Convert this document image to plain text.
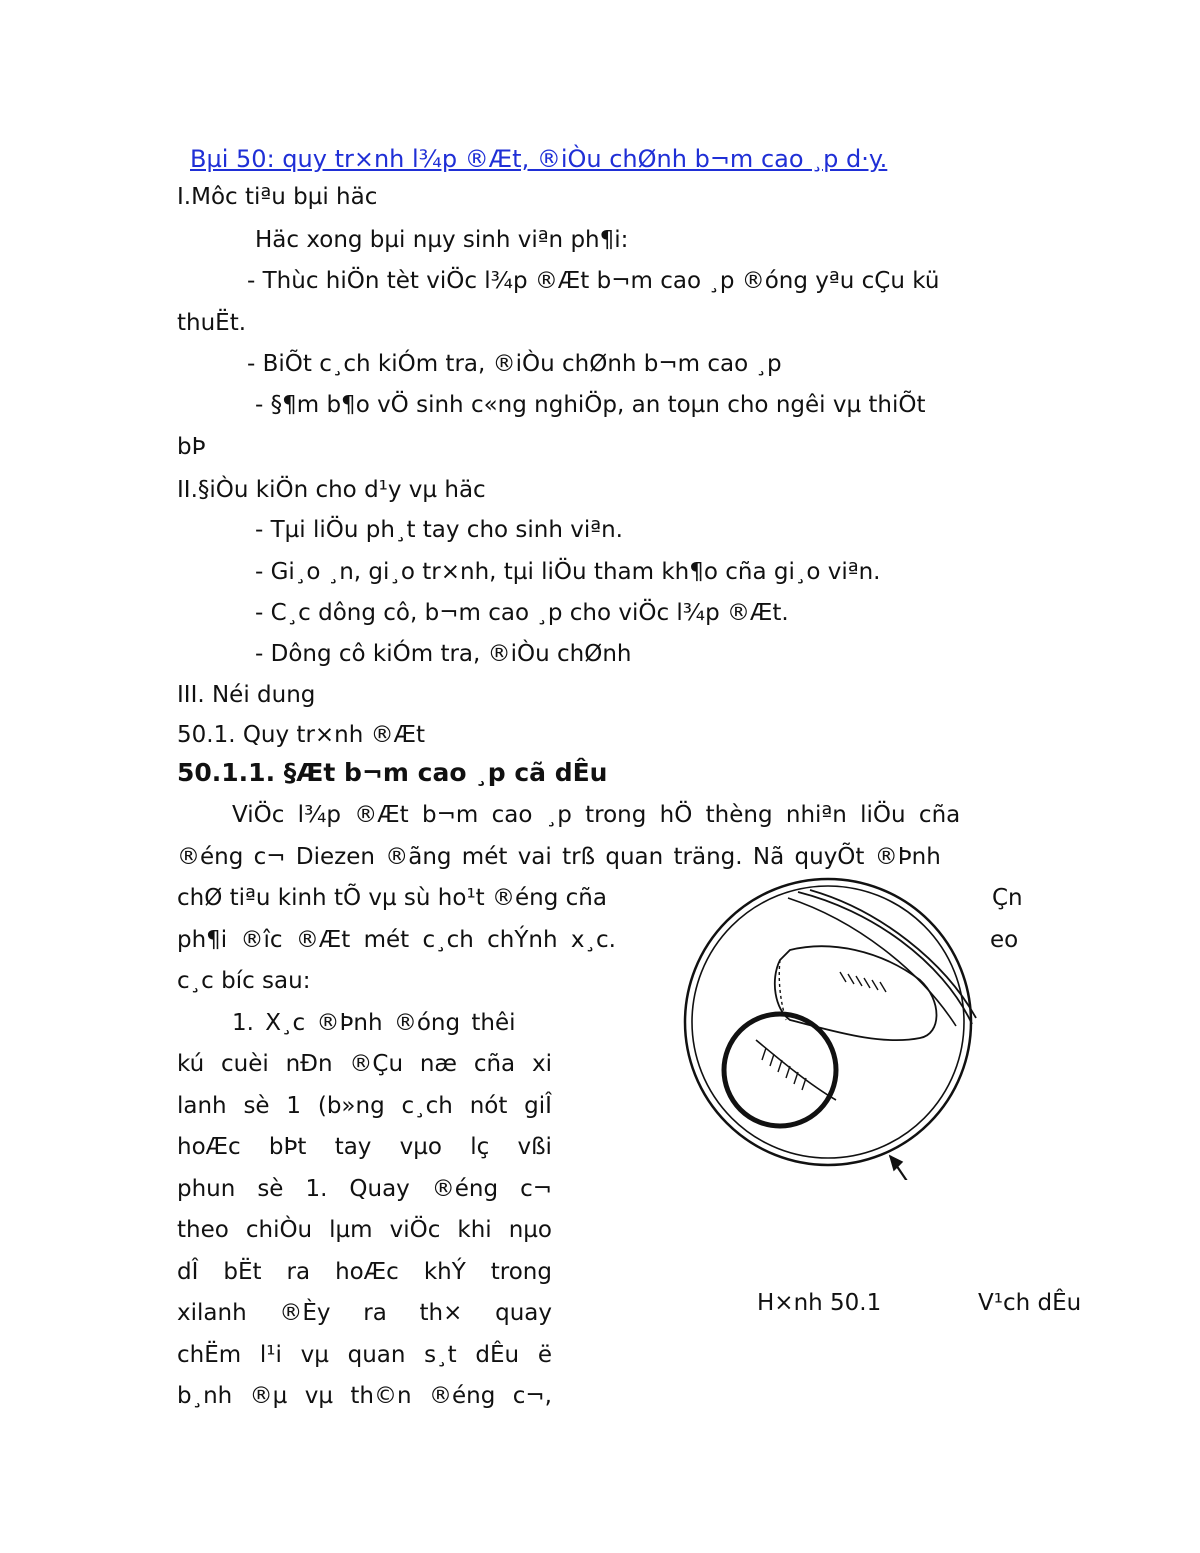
Bµi 50: quy tr×nh l¾p ®Æt, ®iÒu chØnh b¬m cao ¸p d·y.
I.Môc tiªu bµi häc
Häc xong bµi nµy sinh viªn ph¶i:
- Thùc hiÖn tèt viÖc l¾p ®Æt b¬m cao ¸p ®óng yªu cÇu kü
thuËt.
- BiÕt c¸ch kiÓm tra, ®iÒu chØnh b¬m cao ¸p
- §¶m b¶o vÖ sinh c«ng nghiÖp, an toµn cho ngêi vµ thiÕt
bÞ
II.§iÒu kiÖn cho d¹y vµ häc
- Tµi liÖu ph¸t tay cho sinh viªn.
- Gi¸o ¸n, gi¸o tr×nh, tµi liÖu tham kh¶o cña gi¸o viªn.
- C¸c dông cô, b¬m cao ¸p cho viÖc l¾p ®Æt.
- Dông cô kiÓm tra, ®iÒu chØnh
III. Néi dung
50.1. Quy tr×nh ®Æt
50.1.1. §Æt b¬m cao ¸p cã dÊu
ViÖc l¾p ®Æt b¬m cao ¸p trong hÖ thèng nhiªn liÖu cña
®éng c¬ Diezen ®ãng mét vai trß quan träng. Nã quyÕt ®Þnh
chØ tiªu kinh tÕ vµ sù ho¹t ®éng cña
ph¶i ®îc ®Æt mét c¸ch chÝnh x¸c.
c¸c bíc sau:
Çn
eo
1. X¸c ®Þnh ®óng thêi
kú cuèi nÐn ®Çu næ cña xi
lanh sè 1 (b»ng c¸ch nót giÎ
hoÆc bÞt tay vµo lç vßi
phun sè 1. Quay ®éng c¬
theo chiÒu lµm viÖc khi nµo
dÎ bËt ra hoÆc khÝ trong
xilanh ®Èy ra th× quay
chËm l¹i vµ quan s¸t dÊu ë
b¸nh ®µ vµ th©n ®éng c¬,
H×nh 50.1	V¹ch dÊu
